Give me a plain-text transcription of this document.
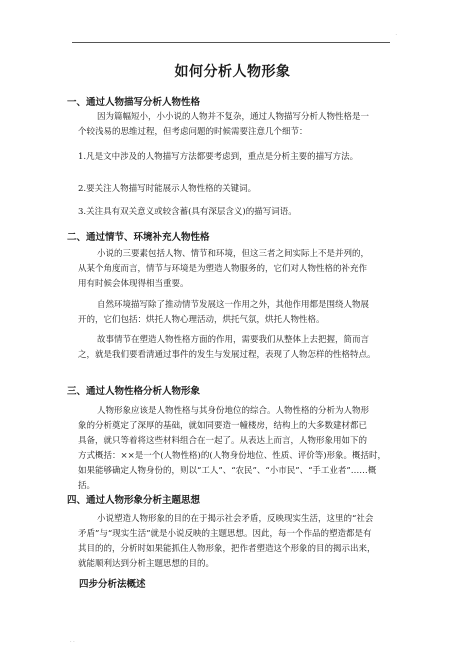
.
如何分析人物形象
一、通过人物描写分析人物性格
因为篇幅短小，小小说的人物并不复杂，通过人物描写分析人物性格是一
个较浅易的思维过程，但考虑问题的时候需要注意几个细节：
1.凡是文中涉及的人物描写方法都要考虑到，重点是分析主要的描写方法。
2.要关注人物描写时能展示人物性格的关键词。
3.关注具有双关意义或较含蓄(具有深层含义)的描写词语。
二、通过情节、环境补充人物性格
小说的三要素包括人物、情节和环境，但这三者之间实际上不是并列的，
从某个角度而言，情节与环境是为塑造人物服务的，它们对人物性格的补充作
用有时候会体现得相当重要。
自然环境描写除了推动情节发展这一作用之外，其他作用都是围绕人物展
开的，它们包括：烘托人物心理活动，烘托气氛，烘托人物性格。
故事情节在塑造人物性格方面的作用，需要我们从整体上去把握，简而言
之，就是我们要看清通过事件的发生与发展过程，表现了人物怎样的性格特点。
三、通过人物性格分析人物形象
人物形象应该是人物性格与其身份地位的综合。人物性格的分析为人物形
象的分析奠定了深厚的基础，就如同要造一幢楼房，结构上的大多数建材都已
具备，就只等着将这些材料组合在一起了。从表达上而言，人物形象用如下的
方式概括：××是一个(人物性格)的(人物身份地位、性质、评价等)形象。概括时，
如果能够确定人物身份的，则以“工人”、“农民”、“小市民”、“手工业者”……概
括。
四、通过人物形象分析主题思想
小说塑造人物形象的目的在于揭示社会矛盾，反映现实生活，这里的“社会
矛盾”与“现实生活”就是小说反映的主题思想。因此，每一个作品的塑造都是有
其目的的，分析时如果能抓住人物形象，把作者塑造这个形象的目的揭示出来，
就能顺利达到分析主题思想的目的。
四步分析法概述
. .
